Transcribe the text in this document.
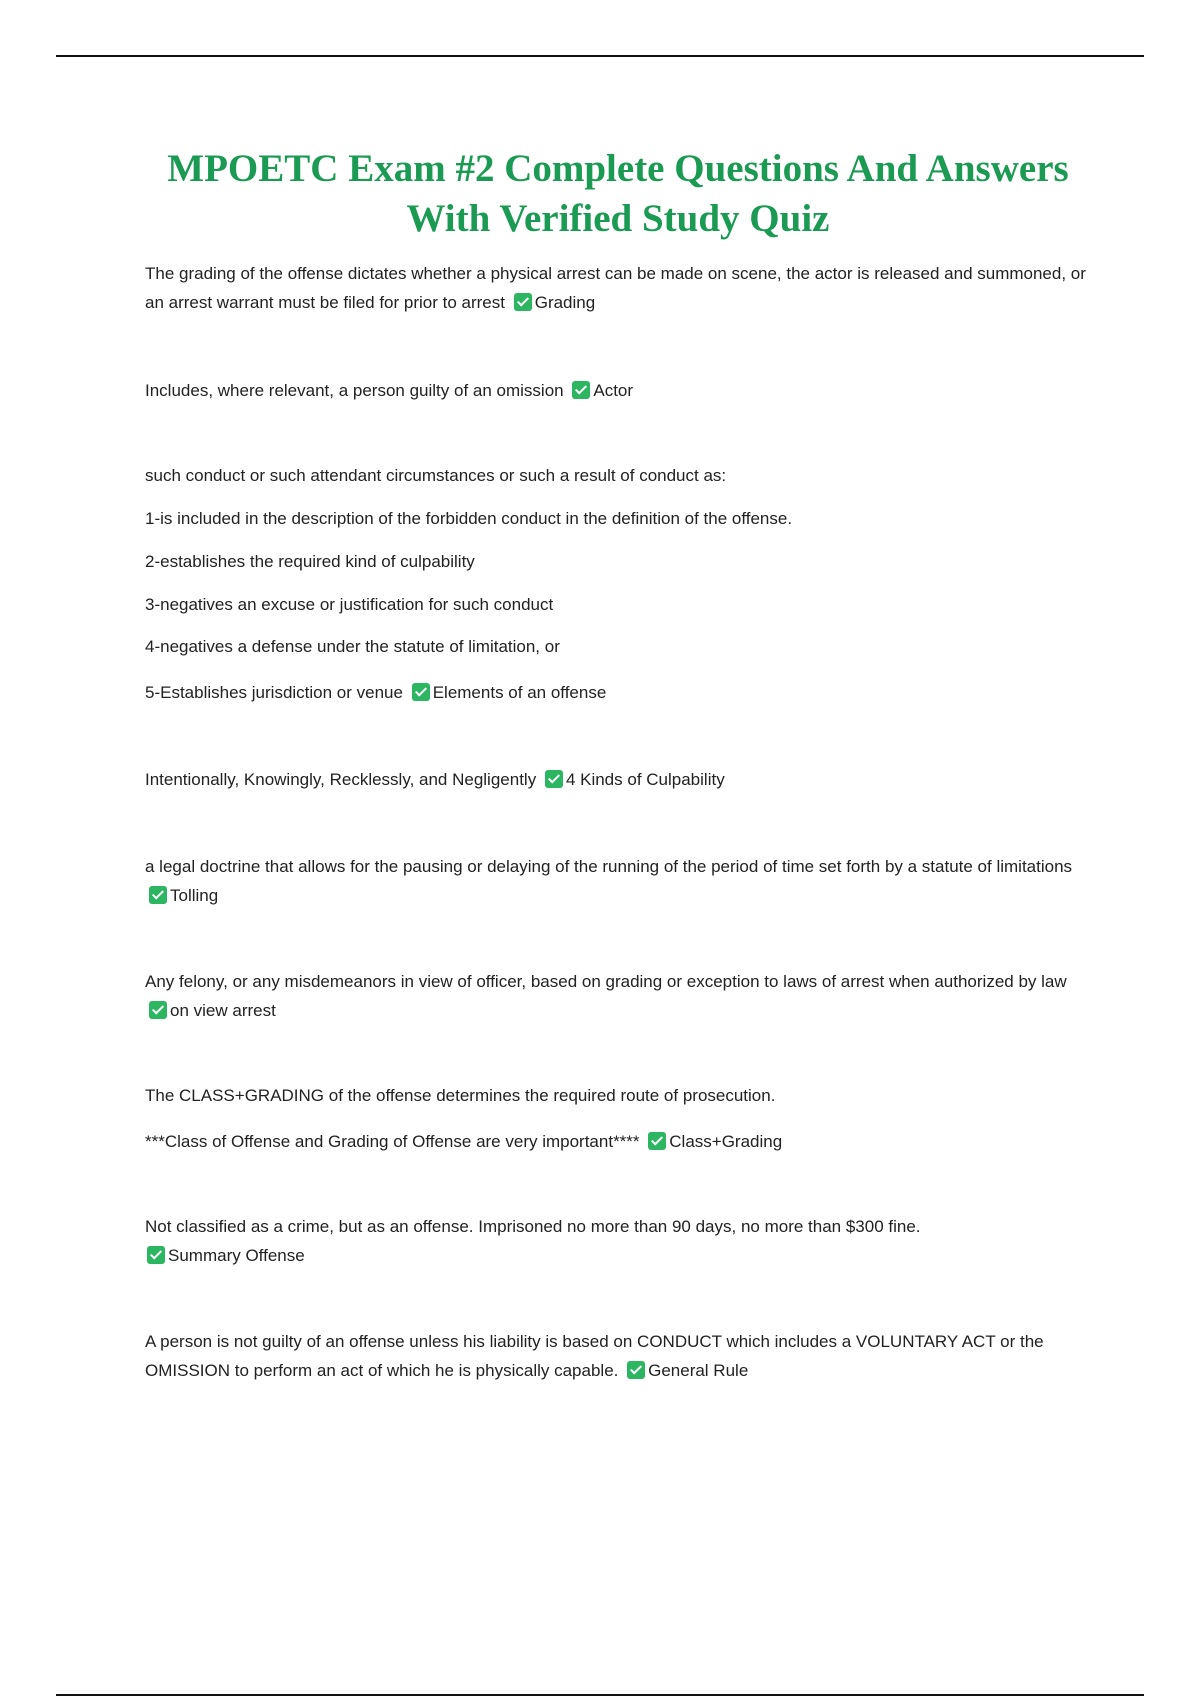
MPOETC Exam #2 Complete Questions And Answers
With Verified Study Quiz
The grading of the offense dictates whether a physical arrest can be made on scene, the actor is released and summoned, or an arrest warrant must be filed for prior to arrest Grading
Includes, where relevant, a person guilty of an omission Actor
such conduct or such attendant circumstances or such a result of conduct as:
1-is included in the description of the forbidden conduct in the definition of the offense.
2-establishes the required kind of culpability
3-negatives an excuse or justification for such conduct
4-negatives a defense under the statute of limitation, or
5-Establishes jurisdiction or venue Elements of an offense
Intentionally, Knowingly, Recklessly, and Negligently 4 Kinds of Culpability
a legal doctrine that allows for the pausing or delaying of the running of the period of time set forth by a statute of limitations Tolling
Any felony, or any misdemeanors in view of officer, based on grading or exception to laws of arrest when authorized by law on view arrest
The CLASS+GRADING of the offense determines the required route of prosecution.
***Class of Offense and Grading of Offense are very important**** Class+Grading
Not classified as a crime, but as an offense. Imprisoned no more than 90 days, no more than $300 fine.
Summary Offense
A person is not guilty of an offense unless his liability is based on CONDUCT which includes a VOLUNTARY ACT or the OMISSION to perform an act of which he is physically capable. General Rule
